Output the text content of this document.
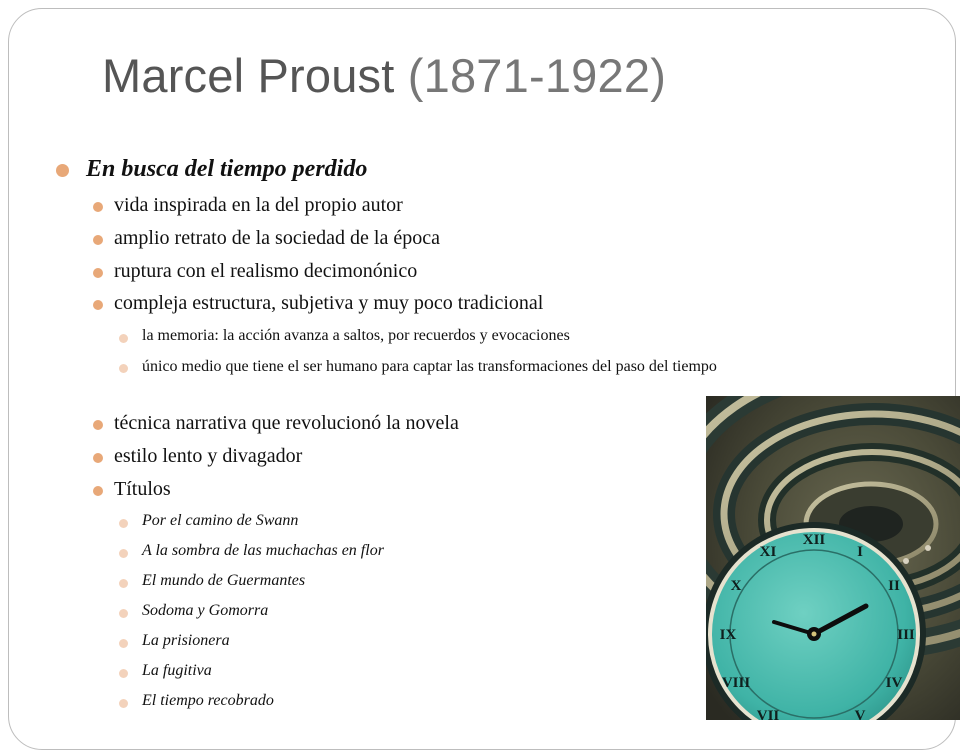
Marcel Proust (1871-1922)
En busca del tiempo perdido
vida inspirada en la del propio autor
amplio retrato de la sociedad de la época
ruptura con el realismo decimonónico
compleja estructura, subjetiva y muy poco tradicional
la memoria: la acción avanza a saltos, por recuerdos y evocaciones
único medio que tiene el ser humano para captar las transformaciones del paso del tiempo
técnica narrativa que revolucionó la novela
estilo lento y divagador
Títulos
Por el camino de Swann
A la sombra de las muchachas en flor
El mundo de Guermantes
Sodoma y Gomorra
La prisionera
La fugitiva
El tiempo recobrado
XII
I
II
III
IV
V
IX
X
XI
VIII
VII
